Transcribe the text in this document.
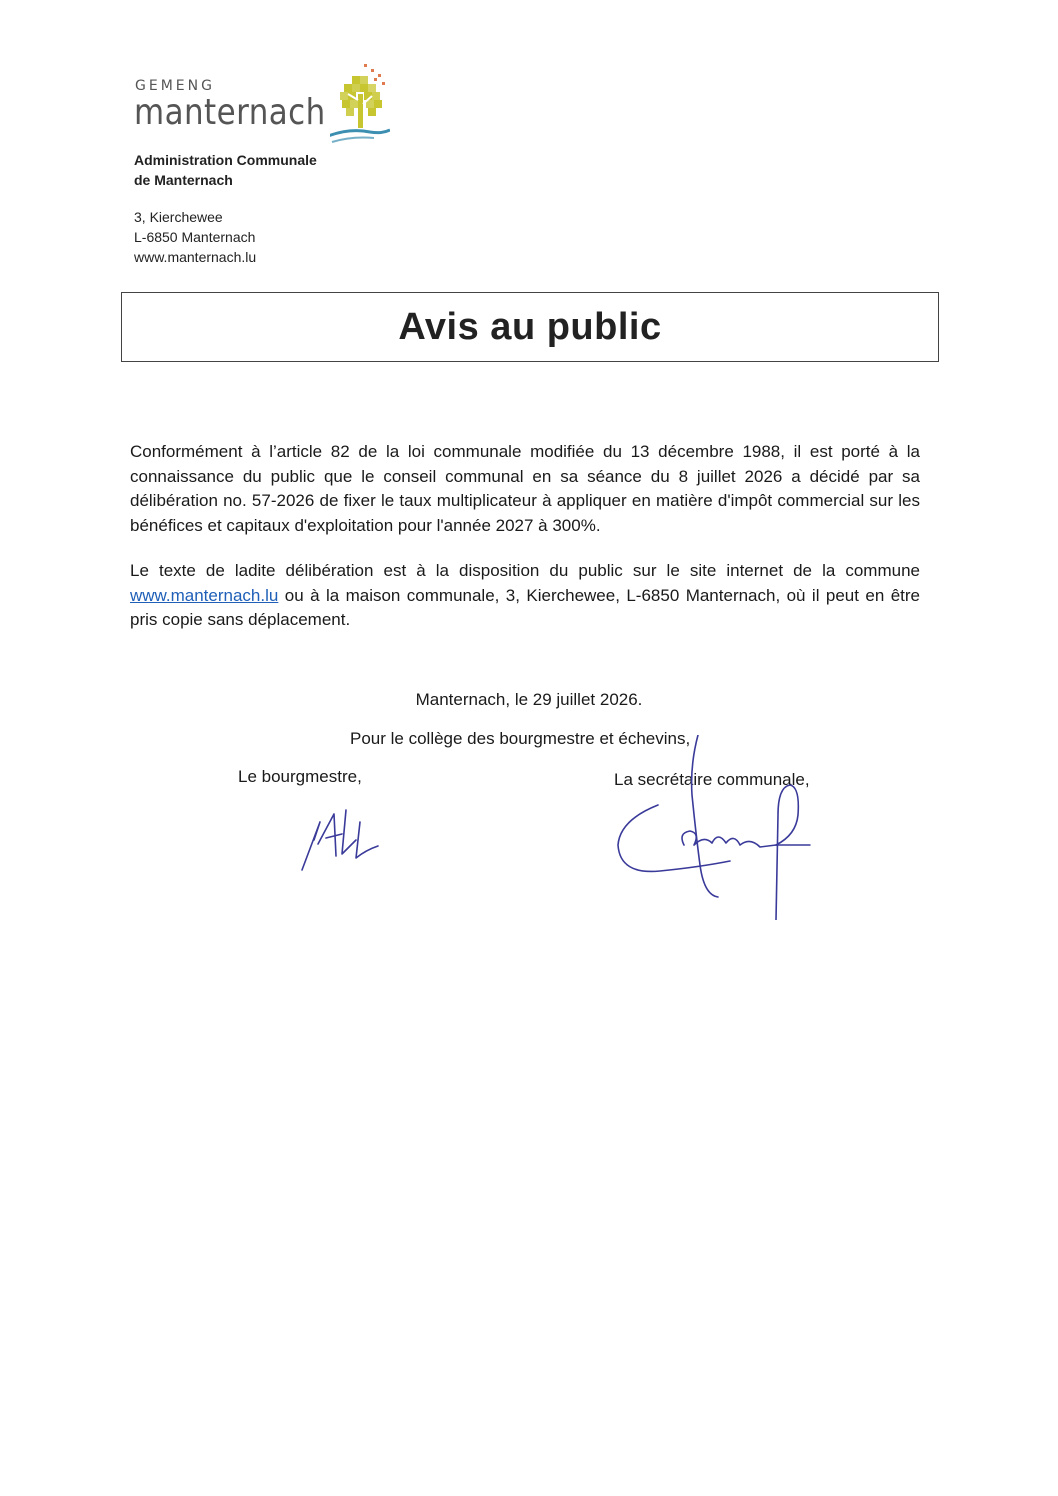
GEMENG
manternach
Administration Communale
de Manternach
3, Kierchewee
L-6850 Manternach
www.manternach.lu
Avis au public
Conformément à l’article 82 de la loi communale modifiée du 13 décembre 1988, il est porté à la connaissance du public que le conseil communal en sa séance du 8 juillet 2026 a décidé par sa délibération no. 57-2026 de fixer le taux multiplicateur à appliquer en matière d'impôt commercial sur les bénéfices et capitaux d'exploitation pour l'année 2027 à 300%.
Le texte de ladite délibération est à la disposition du public sur le site internet de la commune www.manternach.lu ou à la maison communale, 3, Kierchewee, L-6850 Manternach, où il peut en être pris copie sans déplacement.
Manternach, le 29 juillet 2026.
Pour le collège des bourgmestre et échevins,
Le bourgmestre,	La secrétaire communale,
